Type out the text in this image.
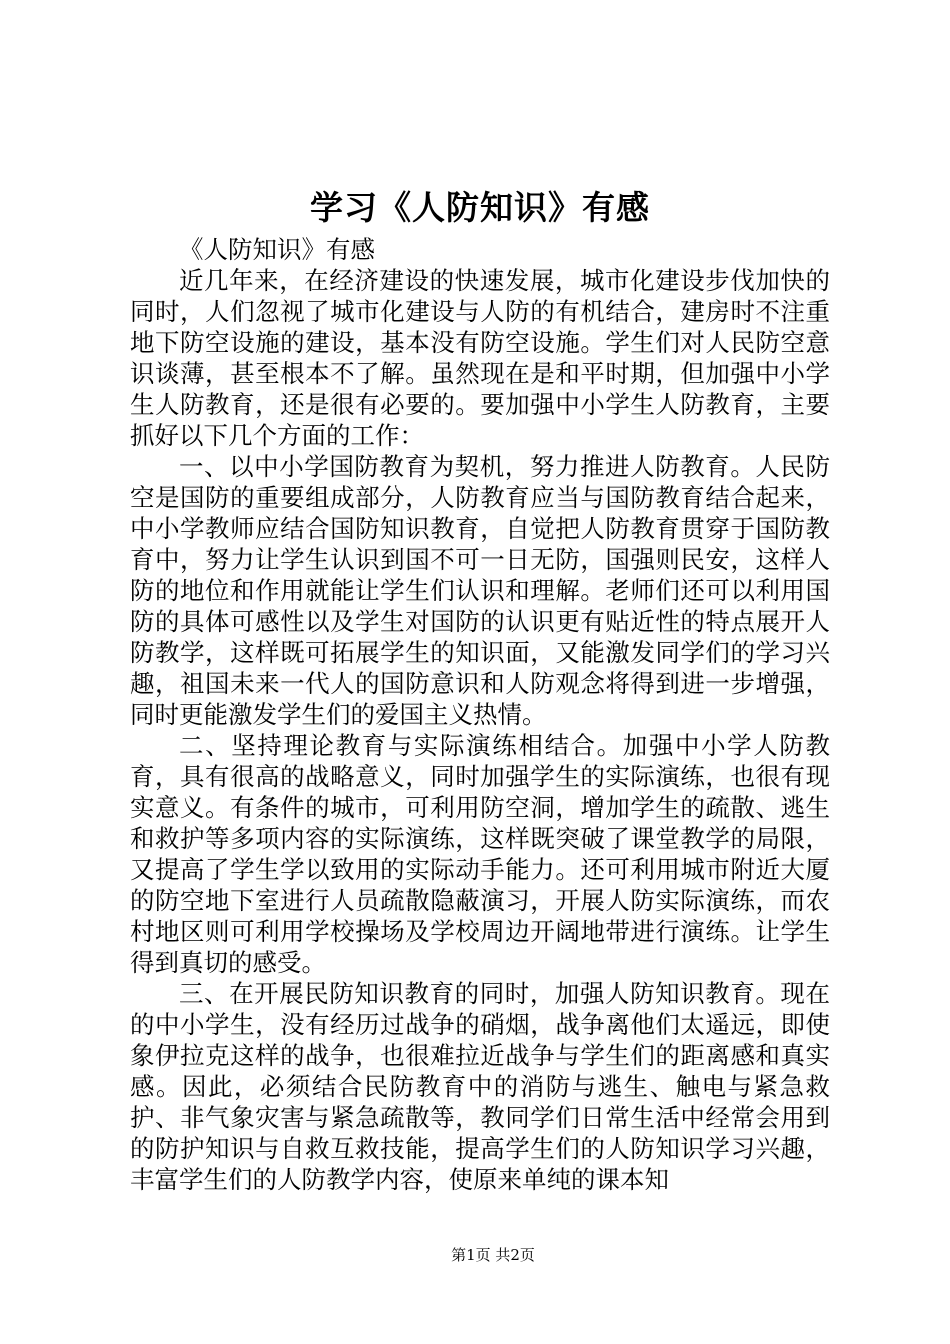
学习《人防知识》有感

《人防知识》有感

近几年来，在经济建设的快速发展，城市化建设步伐加快的同时，人们忽视了城市化建设与人防的有机结合，建房时不注重地下防空设施的建设，基本没有防空设施。学生们对人民防空意识谈薄，甚至根本不了解。虽然现在是和平时期，但加强中小学生人防教育，还是很有必要的。要加强中小学生人防教育，主要抓好以下几个方面的工作：

一、以中小学国防教育为契机，努力推进人防教育。人民防空是国防的重要组成部分，人防教育应当与国防教育结合起来，中小学教师应结合国防知识教育，自觉把人防教育贯穿于国防教育中，努力让学生认识到国不可一日无防，国强则民安，这样人防的地位和作用就能让学生们认识和理解。老师们还可以利用国防的具体可感性以及学生对国防的认识更有贴近性的特点展开人防教学，这样既可拓展学生的知识面，又能激发同学们的学习兴趣，祖国未来一代人的国防意识和人防观念将得到进一步增强，同时更能激发学生们的爱国主义热情。

二、坚持理论教育与实际演练相结合。加强中小学人防教育，具有很高的战略意义，同时加强学生的实际演练，也很有现实意义。有条件的城市，可利用防空洞，增加学生的疏散、逃生和救护等多项内容的实际演练，这样既突破了课堂教学的局限，又提高了学生学以致用的实际动手能力。还可利用城市附近大厦的防空地下室进行人员疏散隐蔽演习，开展人防实际演练，而农村地区则可利用学校操场及学校周边开阔地带进行演练。让学生得到真切的感受。

三、在开展民防知识教育的同时，加强人防知识教育。现在的中小学生，没有经历过战争的硝烟，战争离他们太遥远，即使象伊拉克这样的战争，也很难拉近战争与学生们的距离感和真实感。因此，必须结合民防教育中的消防与逃生、触电与紧急救护、非气象灾害与紧急疏散等，教同学们日常生活中经常会用到的防护知识与自救互救技能，提高学生们的人防知识学习兴趣，丰富学生们的人防教学内容，使原来单纯的课本知

第1页 共2页
